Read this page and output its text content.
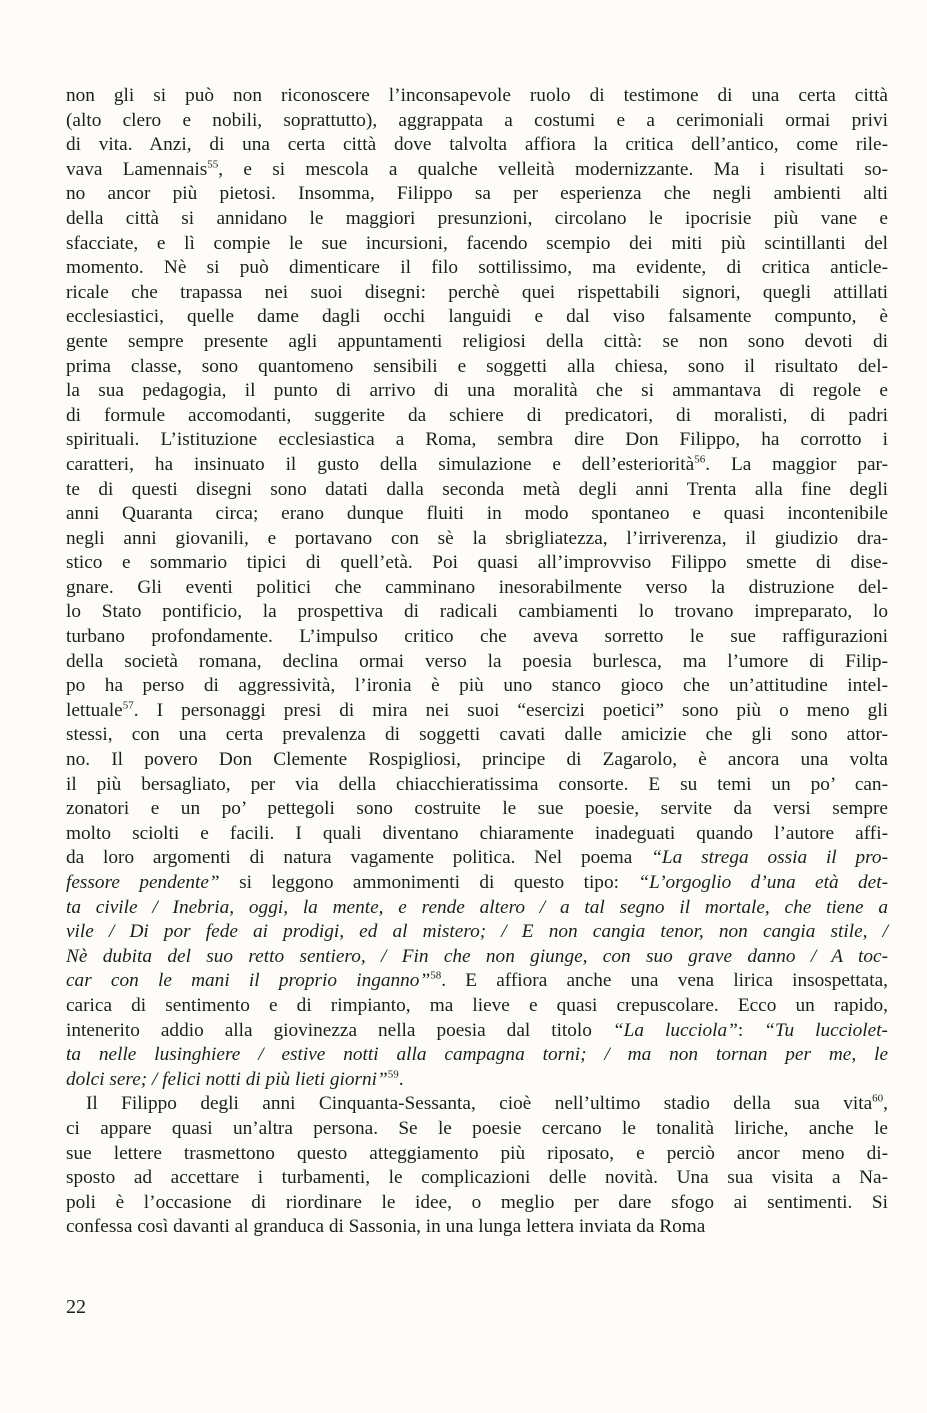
non gli si può non riconoscere l’inconsapevole ruolo di testimone di una certa città
(alto clero e nobili, soprattutto), aggrappata a costumi e a cerimoniali ormai privi
di vita. Anzi, di una certa città dove talvolta affiora la critica dell’antico, come rile-
vava Lamennais$^{55}$, e si mescola a qualche velleità modernizzante. Ma i risultati so-
no ancor più pietosi. Insomma, Filippo sa per esperienza che negli ambienti alti
della città si annidano le maggiori presunzioni, circolano le ipocrisie più vane e
sfacciate, e lì compie le sue incursioni, facendo scempio dei miti più scintillanti del
momento. Nè si può dimenticare il filo sottilissimo, ma evidente, di critica anticle-
ricale che trapassa nei suoi disegni: perchè quei rispettabili signori, quegli attillati
ecclesiastici, quelle dame dagli occhi languidi e dal viso falsamente compunto, è
gente sempre presente agli appuntamenti religiosi della città: se non sono devoti di
prima classe, sono quantomeno sensibili e soggetti alla chiesa, sono il risultato del-
la sua pedagogia, il punto di arrivo di una moralità che si ammantava di regole e
di formule accomodanti, suggerite da schiere di predicatori, di moralisti, di padri
spirituali. L’istituzione ecclesiastica a Roma, sembra dire Don Filippo, ha corrotto i
caratteri, ha insinuato il gusto della simulazione e dell’esteriorità$^{56}$. La maggior par-
te di questi disegni sono datati dalla seconda metà degli anni Trenta alla fine degli
anni Quaranta circa; erano dunque fluiti in modo spontaneo e quasi incontenibile
negli anni giovanili, e portavano con sè la sbrigliatezza, l’irriverenza, il giudizio dra-
stico e sommario tipici di quell’età. Poi quasi all’improvviso Filippo smette di dise-
gnare. Gli eventi politici che camminano inesorabilmente verso la distruzione del-
lo Stato pontificio, la prospettiva di radicali cambiamenti lo trovano impreparato, lo
turbano profondamente. L’impulso critico che aveva sorretto le sue raffigurazioni
della società romana, declina ormai verso la poesia burlesca, ma l’umore di Filip-
po ha perso di aggressività, l’ironia è più uno stanco gioco che un’attitudine intel-
lettuale$^{57}$. I personaggi presi di mira nei suoi “esercizi poetici” sono più o meno gli
stessi, con una certa prevalenza di soggetti cavati dalle amicizie che gli sono attor-
no. Il povero Don Clemente Rospigliosi, principe di Zagarolo, è ancora una volta
il più bersagliato, per via della chiacchieratissima consorte. E su temi un po’ can-
zonatori e un po’ pettegoli sono costruite le sue poesie, servite da versi sempre
molto sciolti e facili. I quali diventano chiaramente inadeguati quando l’autore affi-
da loro argomenti di natura vagamente politica. Nel poema “La strega ossia il pro-
fessore pendente” si leggono ammonimenti di questo tipo: “L’orgoglio d’una età det-
ta civile / Inebria, oggi, la mente, e rende altero / a tal segno il mortale, che tiene a
vile / Di por fede ai prodigi, ed al mistero; / E non cangia tenor, non cangia stile, /
Nè dubita del suo retto sentiero, / Fin che non giunge, con suo grave danno / A toc-
car con le mani il proprio inganno”$^{58}$. E affiora anche una vena lirica insospettata,
carica di sentimento e di rimpianto, ma lieve e quasi crepuscolare. Ecco un rapido,
intenerito addio alla giovinezza nella poesia dal titolo “La lucciola”: “Tu lucciolet-
ta nelle lusinghiere / estive notti alla campagna torni; / ma non tornan per me, le
dolci sere; / felici notti di più lieti giorni”$^{59}$.
Il Filippo degli anni Cinquanta-Sessanta, cioè nell’ultimo stadio della sua vita$^{60}$,
ci appare quasi un’altra persona. Se le poesie cercano le tonalità liriche, anche le
sue lettere trasmettono questo atteggiamento più riposato, e perciò ancor meno di-
sposto ad accettare i turbamenti, le complicazioni delle novità. Una sua visita a Na-
poli è l’occasione di riordinare le idee, o meglio per dare sfogo ai sentimenti. Si
confessa così davanti al granduca di Sassonia, in una lunga lettera inviata da Roma
22
